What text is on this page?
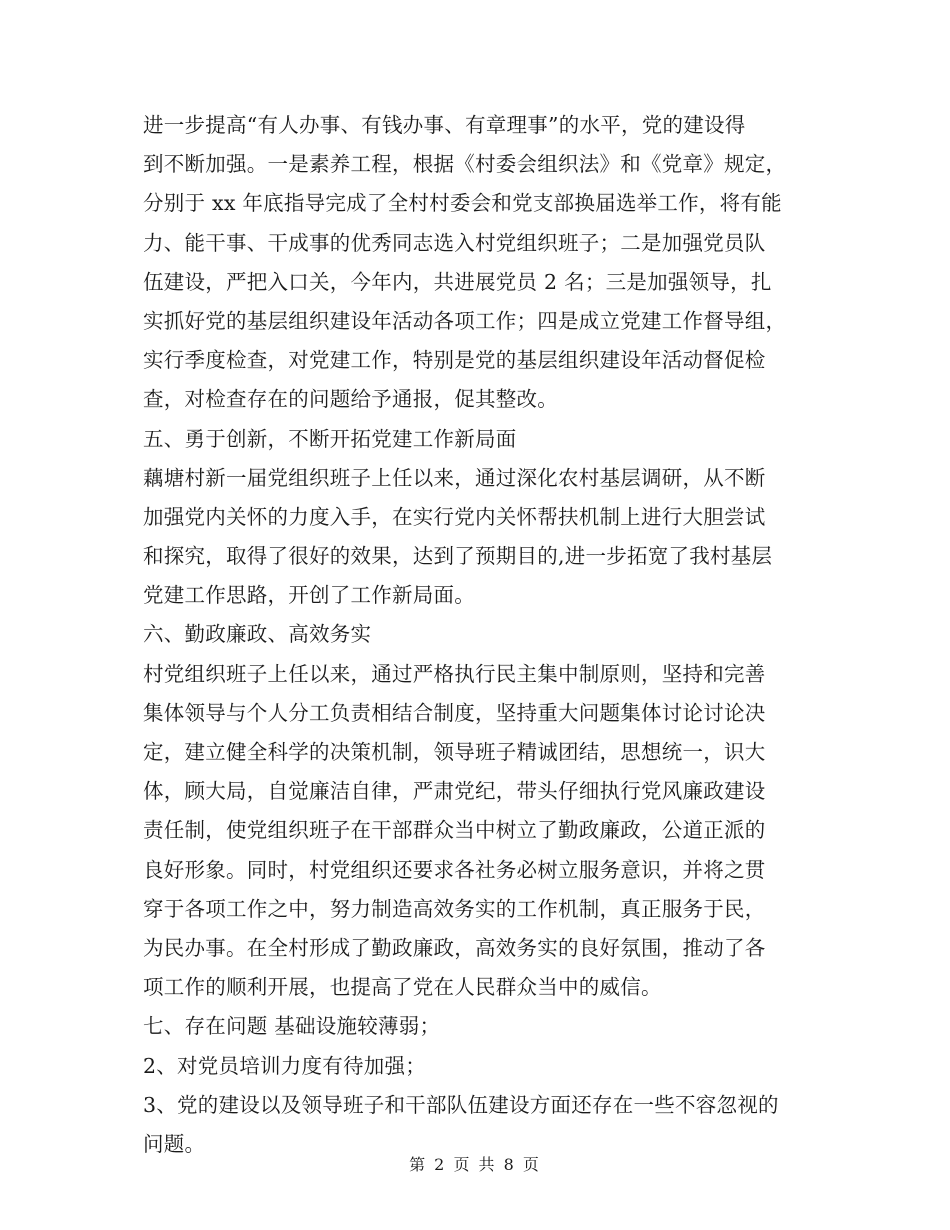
进一步提高“有人办事、有钱办事、有章理事”的水平，党的建设得
到不断加强。一是素养工程，根据《村委会组织法》和《党章》规定，
分别于 xx 年底指导完成了全村村委会和党支部换届选举工作，将有能
力、能干事、干成事的优秀同志选入村党组织班子；二是加强党员队
伍建设，严把入口关，今年内，共进展党员 2 名；三是加强领导，扎
实抓好党的基层组织建设年活动各项工作；四是成立党建工作督导组，
实行季度检查，对党建工作，特别是党的基层组织建设年活动督促检
查，对检查存在的问题给予通报，促其整改。
五、勇于创新，不断开拓党建工作新局面
藕塘村新一届党组织班子上任以来，通过深化农村基层调研，从不断
加强党内关怀的力度入手，在实行党内关怀帮扶机制上进行大胆尝试
和探究，取得了很好的效果，达到了预期目的,进一步拓宽了我村基层
党建工作思路，开创了工作新局面。
六、勤政廉政、高效务实
村党组织班子上任以来，通过严格执行民主集中制原则，坚持和完善
集体领导与个人分工负责相结合制度，坚持重大问题集体讨论讨论决
定，建立健全科学的决策机制，领导班子精诚团结，思想统一，识大
体，顾大局，自觉廉洁自律，严肃党纪，带头仔细执行党风廉政建设
责任制，使党组织班子在干部群众当中树立了勤政廉政，公道正派的
良好形象。同时，村党组织还要求各社务必树立服务意识，并将之贯
穿于各项工作之中，努力制造高效务实的工作机制，真正服务于民，
为民办事。在全村形成了勤政廉政，高效务实的良好氛围，推动了各
项工作的顺利开展，也提高了党在人民群众当中的威信。
七、存在问题 基础设施较薄弱；
2、对党员培训力度有待加强；
3、党的建设以及领导班子和干部队伍建设方面还存在一些不容忽视的
问题。
第 2 页 共 8 页
